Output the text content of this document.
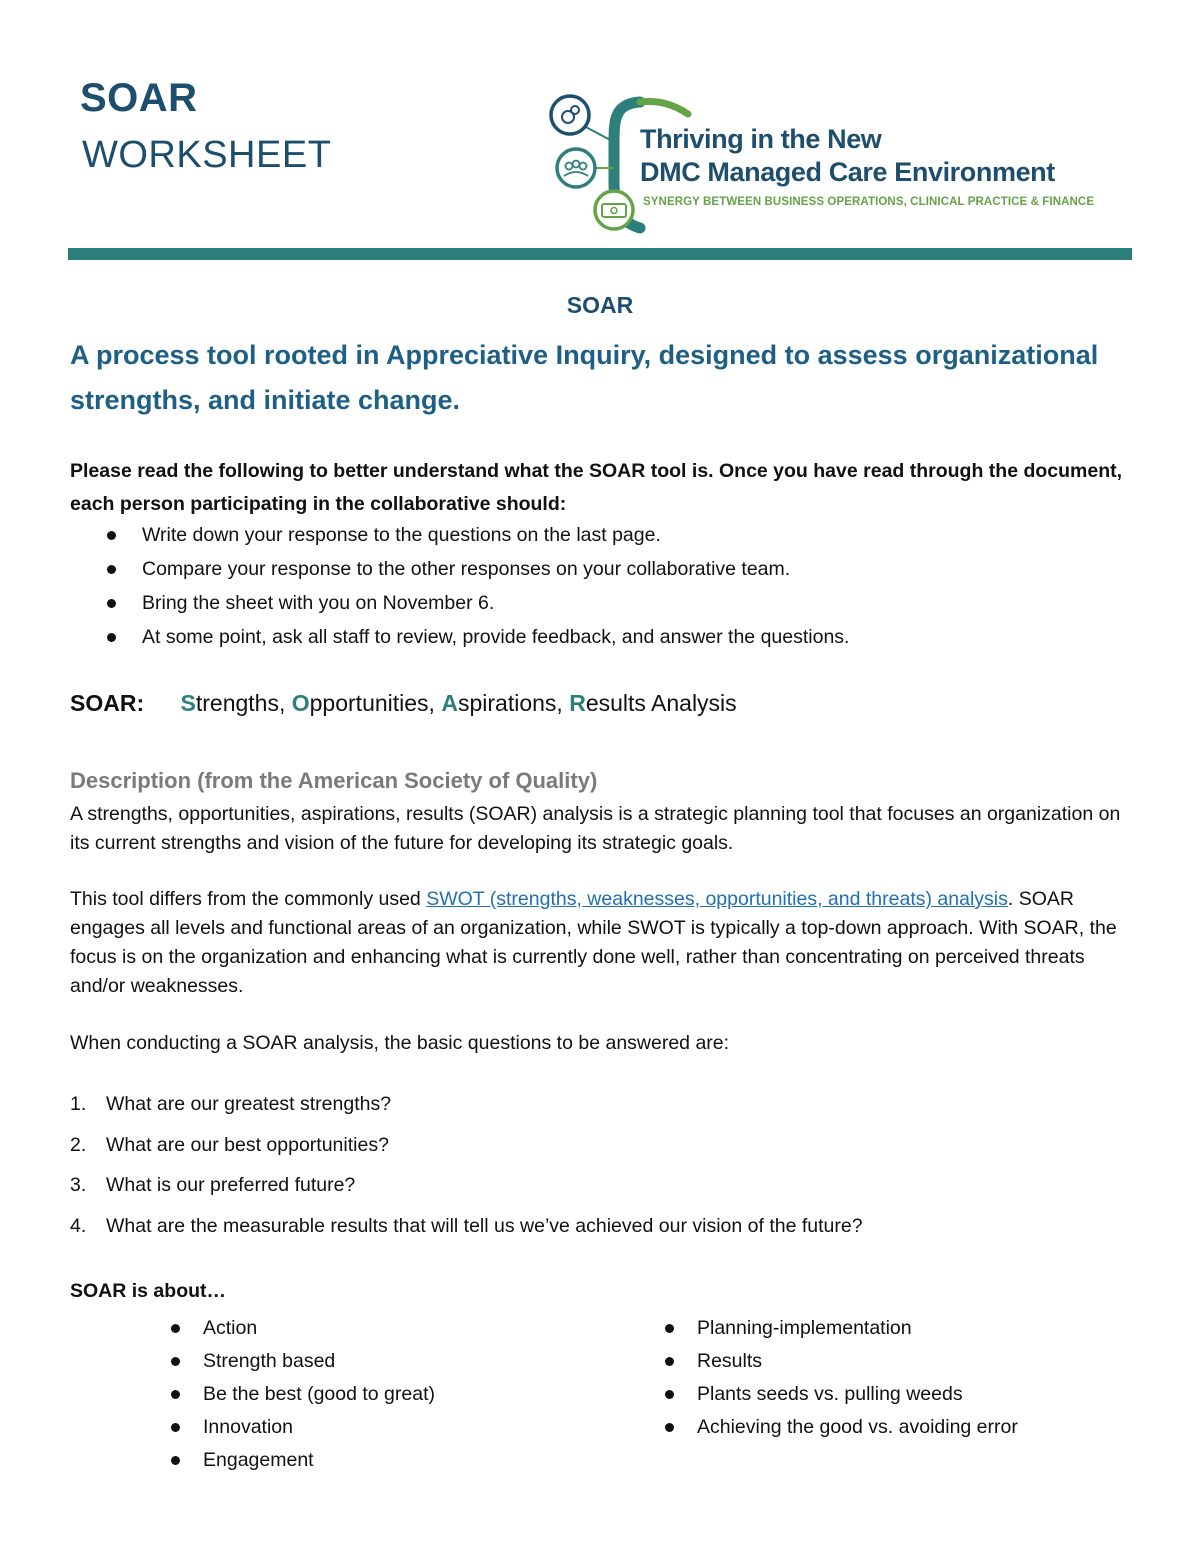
SOAR
WORKSHEET	Thriving in the New
DMC Managed Care Environment
SYNERGY BETWEEN BUSINESS OPERATIONS, CLINICAL PRACTICE & FINANCE
SOAR
A process tool rooted in Appreciative Inquiry, designed to assess organizational strengths, and initiate change.
Please read the following to better understand what the SOAR tool is. Once you have read through the document, each person participating in the collaborative should:
Write down your response to the questions on the last page.
Compare your response to the other responses on your collaborative team.
Bring the sheet with you on November 6.
At some point, ask all staff to review, provide feedback, and answer the questions.
SOAR: Strengths, Opportunities, Aspirations, Results Analysis
Description (from the American Society of Quality)
A strengths, opportunities, aspirations, results (SOAR) analysis is a strategic planning tool that focuses an organization on its current strengths and vision of the future for developing its strategic goals.
This tool differs from the commonly used SWOT (strengths, weaknesses, opportunities, and threats) analysis. SOAR engages all levels and functional areas of an organization, while SWOT is typically a top-down approach. With SOAR, the focus is on the organization and enhancing what is currently done well, rather than concentrating on perceived threats and/or weaknesses.
When conducting a SOAR analysis, the basic questions to be answered are:
1. What are our greatest strengths?
2. What are our best opportunities?
3. What is our preferred future?
4. What are the measurable results that will tell us we’ve achieved our vision of the future?
SOAR is about…
Action
Strength based
Be the best (good to great)
Innovation
Engagement
Planning-implementation
Results
Plants seeds vs. pulling weeds
Achieving the good vs. avoiding error
